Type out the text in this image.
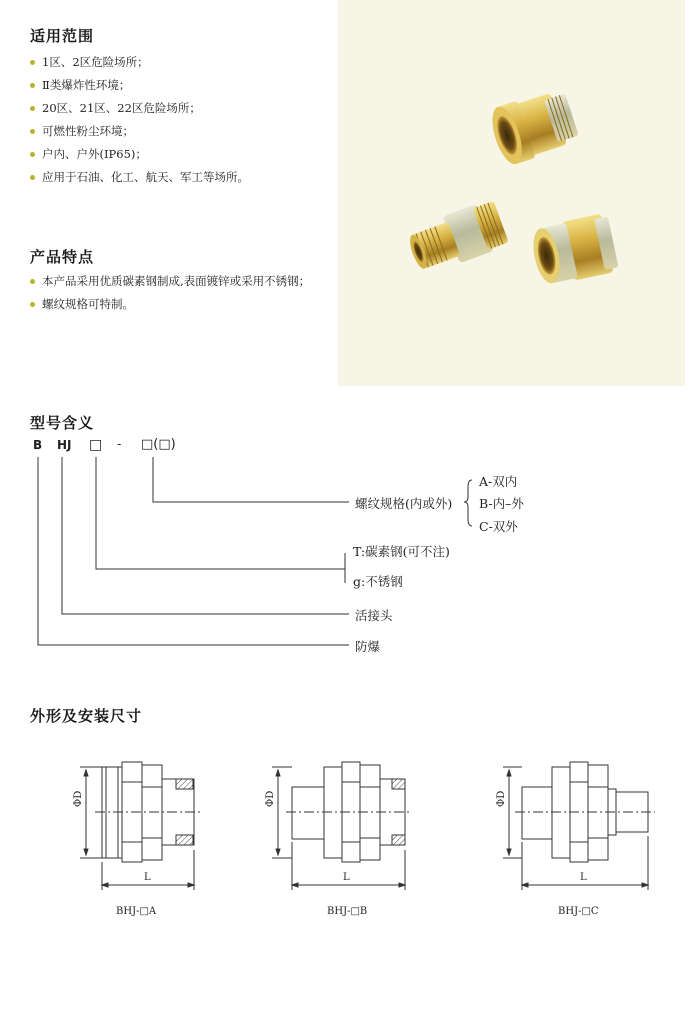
适用范围
1区、2区危险场所；
Ⅱ类爆炸性环境；
20区、21区、22区危险场所；
可燃性粉尘环境；
户内、户外(IP65)；
应用于石油、化工、航天、军工等场所。
产品特点
本产品采用优质碳素钢制成,表面镀锌或采用不锈钢；
螺纹规格可特制。
型号含义
B HJ □ - □(□)
螺纹规格(内或外)
A-双内
B-内–外
C-双外
T:碳素钢(可不注)
g:不锈钢
活接头
防爆
外形及安装尺寸
ΦD	ΦD	ΦD
L	L	L
BHJ-□A	BHJ-□B	BHJ-□C
